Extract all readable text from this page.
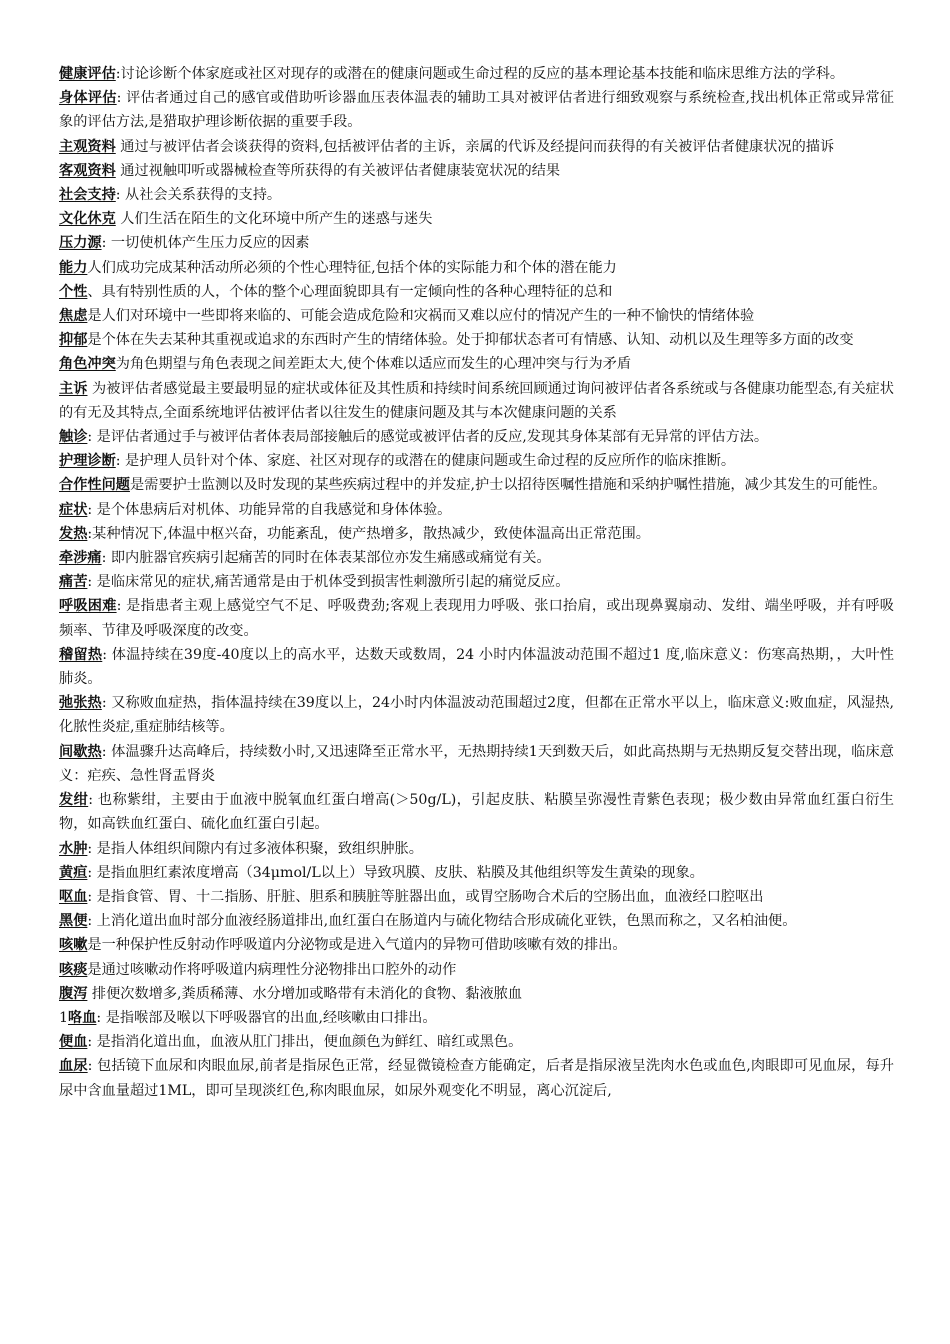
健康评估:讨论诊断个体家庭或社区对现存的或潜在的健康问题或生命过程的反应的基本理论基本技能和临床思维方法的学科。

身体评估: 评估者通过自己的感官或借助听诊器血压表体温表的辅助工具对被评估者进行细致观察与系统检查,找出机体正常或异常征象的评估方法,是猎取护理诊断依据的重要手段。

主观资料 通过与被评估者会谈获得的资料,包括被评估者的主诉，亲属的代诉及经提问而获得的有关被评估者健康状况的描诉

客观资料 通过视触叩听或器械检查等所获得的有关被评估者健康装宽状况的结果

社会支持: 从社会关系获得的支持。

文化休克 人们生活在陌生的文化环境中所产生的迷惑与迷失

压力源: 一切使机体产生压力反应的因素

能力人们成功完成某种活动所必须的个性心理特征,包括个体的实际能力和个体的潜在能力

个性、具有特别性质的人，个体的整个心理面貌即具有一定倾向性的各种心理特征的总和

焦虑是人们对环境中一些即将来临的、可能会造成危险和灾祸而又难以应付的情况产生的一种不愉快的情绪体验

抑郁是个体在失去某种其重视或追求的东西时产生的情绪体验。处于抑郁状态者可有情感、认知、动机以及生理等多方面的改变

角色冲突为角色期望与角色表现之间差距太大,使个体难以适应而发生的心理冲突与行为矛盾

主诉 为被评估者感觉最主要最明显的症状或体征及其性质和持续时间系统回顾通过询问被评估者各系统或与各健康功能型态,有关症状的有无及其特点,全面系统地评估被评估者以往发生的健康问题及其与本次健康问题的关系

触诊: 是评估者通过手与被评估者体表局部接触后的感觉或被评估者的反应,发现其身体某部有无异常的评估方法。

护理诊断: 是护理人员针对个体、家庭、社区对现存的或潜在的健康问题或生命过程的反应所作的临床推断。

合作性问题是需要护士监测以及时发现的某些疾病过程中的并发症,护士以招待医嘱性措施和采纳护嘱性措施，减少其发生的可能性。

症状: 是个体患病后对机体、功能异常的自我感觉和身体体验。

发热:某种情况下,体温中枢兴奋，功能紊乱，使产热增多，散热减少，致使体温高出正常范围。

牵涉痛: 即内脏器官疾病引起痛苦的同时在体表某部位亦发生痛感或痛觉有关。

痛苦: 是临床常见的症状,痛苦通常是由于机体受到损害性刺激所引起的痛觉反应。

呼吸困难: 是指患者主观上感觉空气不足、呼吸费劲;客观上表现用力呼吸、张口抬肩，或出现鼻翼扇动、发绀、端坐呼吸，并有呼吸频率、节律及呼吸深度的改变。

稽留热: 体温持续在39度-40度以上的高水平，达数天或数周，24 小时内体温波动范围不超过1 度,临床意义：伤寒高热期，，大叶性肺炎。

弛张热: 又称败血症热，指体温持续在39度以上，24小时内体温波动范围超过2度，但都在正常水平以上，临床意义:败血症，风湿热,化脓性炎症,重症肺结核等。

间歇热: 体温骤升达高峰后，持续数小时,又迅速降至正常水平，无热期持续1天到数天后，如此高热期与无热期反复交替出现，临床意义：疟疾、急性肾盂肾炎

发绀: 也称紫绀，主要由于血液中脱氧血红蛋白增高(＞50g/L)，引起皮肤、粘膜呈弥漫性青紫色表现；极少数由异常血红蛋白衍生物，如高铁血红蛋白、硫化血红蛋白引起。

水肿: 是指人体组织间隙内有过多液体积聚，致组织肿胀。

黄疸: 是指血胆红素浓度增高（34μmol/L以上）导致巩膜、皮肤、粘膜及其他组织等发生黄染的现象。

呕血: 是指食管、胃、十二指肠、肝脏、胆系和胰脏等脏器出血，或胃空肠吻合术后的空肠出血，血液经口腔呕出

黑便: 上消化道出血时部分血液经肠道排出,血红蛋白在肠道内与硫化物结合形成硫化亚铁，色黑而称之，又名柏油便。

咳嗽是一种保护性反射动作呼吸道内分泌物或是进入气道内的异物可借助咳嗽有效的排出。

咳痰是通过咳嗽动作将呼吸道内病理性分泌物排出口腔外的动作

腹泻 排便次数增多,粪质稀薄、水分增加或略带有未消化的食物、黏液脓血

1咯血: 是指喉部及喉以下呼吸器官的出血,经咳嗽由口排出。

便血: 是指消化道出血，血液从肛门排出，便血颜色为鲜红、暗红或黑色。

血尿: 包括镜下血尿和肉眼血尿,前者是指尿色正常，经显微镜检查方能确定，后者是指尿液呈洗肉水色或血色,肉眼即可见血尿，每升尿中含血量超过1ML，即可呈现淡红色,称肉眼血尿，如尿外观变化不明显，离心沉淀后,
